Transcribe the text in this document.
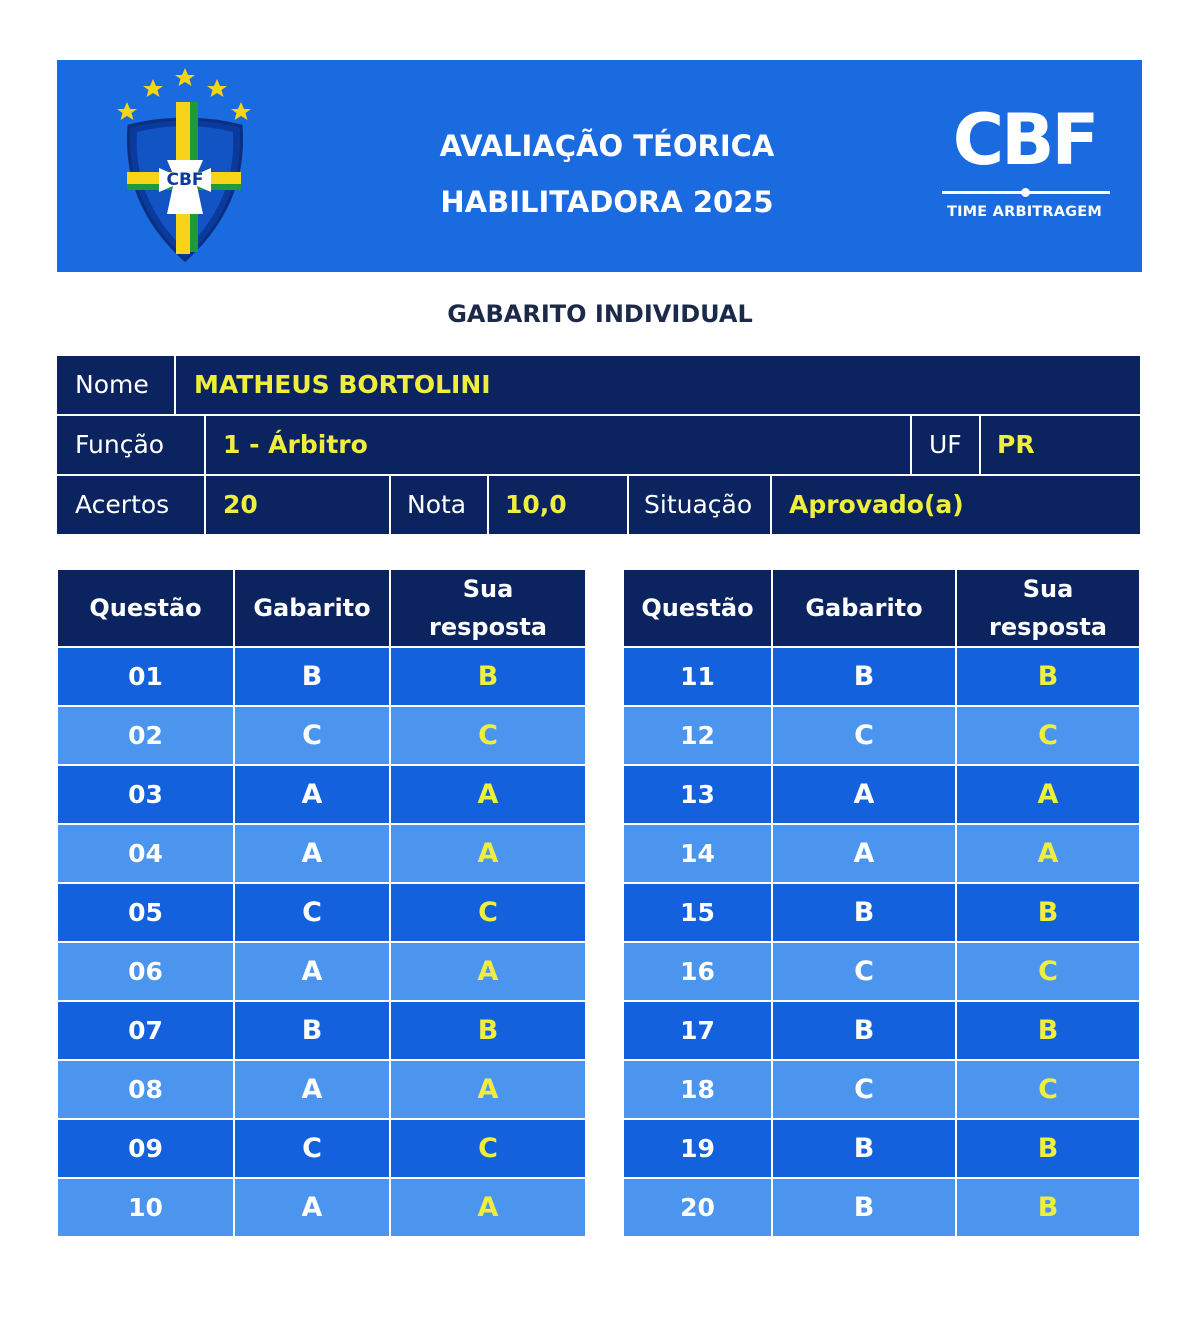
CBF
AVALIAÇÃO TÉORICA
HABILITADORA 2025
CBF
TIME ARBITRAGEM
GABARITO INDIVIDUAL
Nome MATHEUS BORTOLINI
Função 1 - Árbitro	UF PR
Acertos 20	Nota 10,0	Situação Aprovado(a)
Questão	Gabarito	Sua
resposta
01	B	B
02	C	C
03	A	A
04	A	A
05	C	C
06	A	A
07	B	B
08	A	A
09	C	C
10	A	A
Questão	Gabarito	Sua
resposta
11	B	B
12	C	C
13	A	A
14	A	A
15	B	B
16	C	C
17	B	B
18	C	C
19	B	B
20	B	B
